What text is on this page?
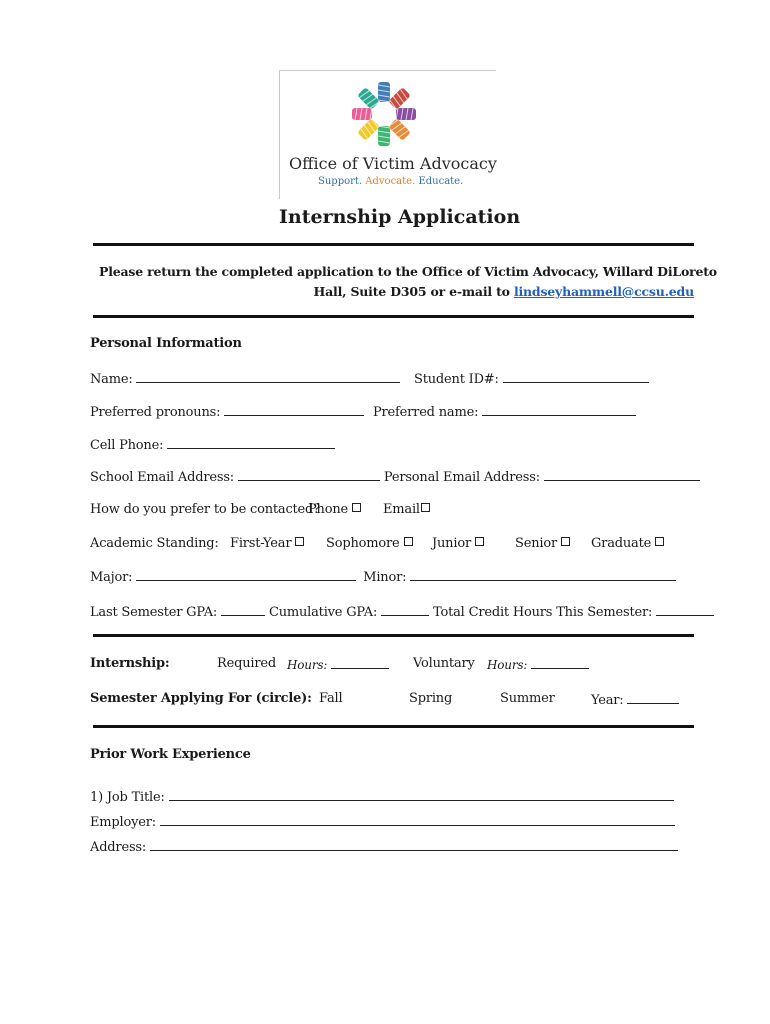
Office of Victim Advocacy
Support. Advocate. Educate.
Internship Application
Please return the completed application to the Office of Victim Advocacy, Willard DiLoreto
Hall, Suite D305 or e-mail to lindseyhammell@ccsu.edu
Personal Information
Name:	Student ID#:
Preferred pronouns:	Preferred name:
Cell Phone:
School Email Address:	Personal Email Address:
How do you prefer to be contacted?
Phone	Email
Academic Standing: First-Year	Sophomore	Junior	Senior	Graduate
Major:	Minor:
Last Semester GPA:	Cumulative GPA:	Total Credit Hours This Semester:
Internship:	Required Hours:	Voluntary Hours:
Semester Applying For (circle): Fall	Spring	Summer	Year:
Prior Work Experience
1) Job Title:
Employer:
Address:
